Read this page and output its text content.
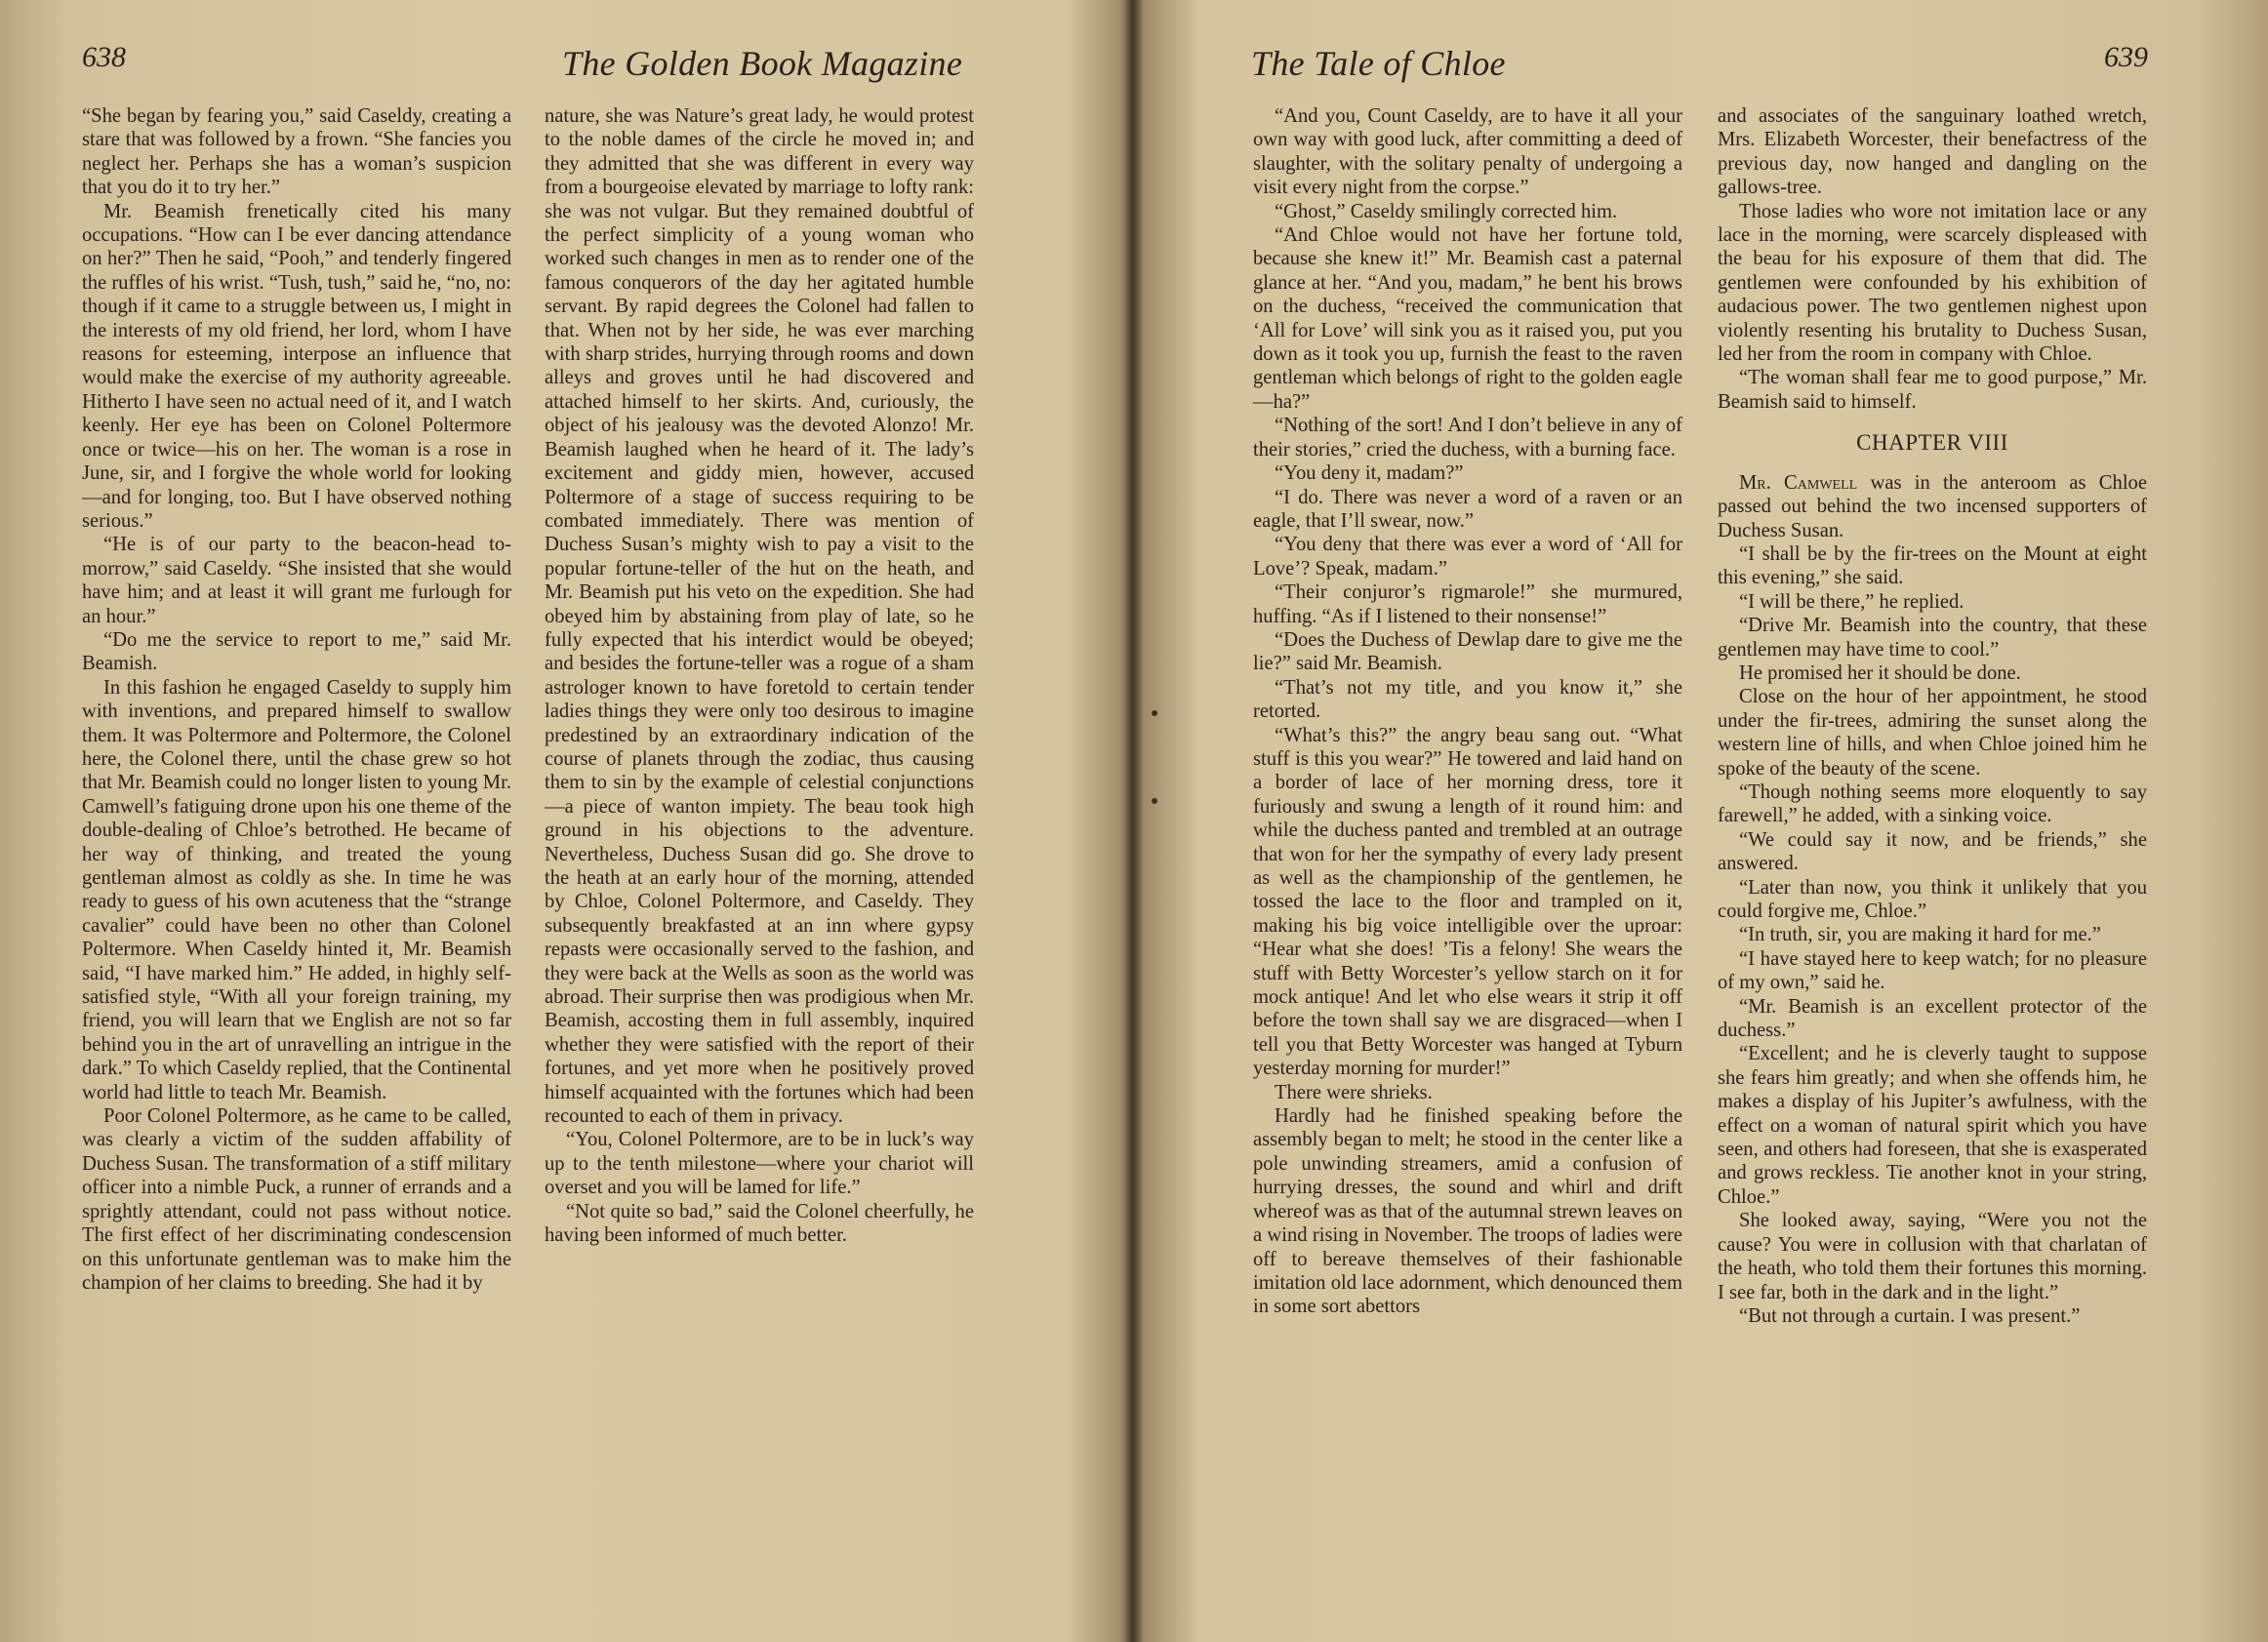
638	The Golden Book Magazine

“She began by fearing you,” said Caseldy, creating a stare that was followed by a frown. “She fancies you neglect her. Perhaps she has a woman’s suspicion that you do it to try her.”

Mr. Beamish frenetically cited his many occupations. “How can I be ever dancing attendance on her?” Then he said, “Pooh,” and tenderly fingered the ruffles of his wrist. “Tush, tush,” said he, “no, no: though if it came to a struggle between us, I might in the interests of my old friend, her lord, whom I have reasons for esteeming, interpose an influence that would make the exercise of my authority agreeable. Hitherto I have seen no actual need of it, and I watch keenly. Her eye has been on Colonel Poltermore once or twice—his on her. The woman is a rose in June, sir, and I forgive the whole world for looking—and for longing, too. But I have observed nothing serious.”

“He is of our party to the beacon-head to-morrow,” said Caseldy. “She insisted that she would have him; and at least it will grant me furlough for an hour.”

“Do me the service to report to me,” said Mr. Beamish.

In this fashion he engaged Caseldy to supply him with inventions, and prepared himself to swallow them. It was Poltermore and Poltermore, the Colonel here, the Colonel there, until the chase grew so hot that Mr. Beamish could no longer listen to young Mr. Camwell’s fatiguing drone upon his one theme of the double-dealing of Chloe’s betrothed. He became of her way of thinking, and treated the young gentleman almost as coldly as she. In time he was ready to guess of his own acuteness that the “strange cavalier” could have been no other than Colonel Poltermore. When Caseldy hinted it, Mr. Beamish said, “I have marked him.” He added, in highly self-satisfied style, “With all your foreign training, my friend, you will learn that we English are not so far behind you in the art of unravelling an intrigue in the dark.” To which Caseldy replied, that the Continental world had little to teach Mr. Beamish.

Poor Colonel Poltermore, as he came to be called, was clearly a victim of the sudden affability of Duchess Susan. The transformation of a stiff military officer into a nimble Puck, a runner of errands and a sprightly attendant, could not pass without notice. The first effect of her discriminating condescension on this unfortunate gentleman was to make him the champion of her claims to breeding. She had it by

nature, she was Nature’s great lady, he would protest to the noble dames of the circle he moved in; and they admitted that she was different in every way from a bourgeoise elevated by marriage to lofty rank: she was not vulgar. But they remained doubtful of the perfect simplicity of a young woman who worked such changes in men as to render one of the famous conquerors of the day her agitated humble servant. By rapid degrees the Colonel had fallen to that. When not by her side, he was ever marching with sharp strides, hurrying through rooms and down alleys and groves until he had discovered and attached himself to her skirts. And, curiously, the object of his jealousy was the devoted Alonzo! Mr. Beamish laughed when he heard of it. The lady’s excitement and giddy mien, however, accused Poltermore of a stage of success requiring to be combated immediately. There was mention of Duchess Susan’s mighty wish to pay a visit to the popular fortune-teller of the hut on the heath, and Mr. Beamish put his veto on the expedition. She had obeyed him by abstaining from play of late, so he fully expected that his interdict would be obeyed; and besides the fortune-teller was a rogue of a sham astrologer known to have foretold to certain tender ladies things they were only too desirous to imagine predestined by an extraordinary indication of the course of planets through the zodiac, thus causing them to sin by the example of celestial conjunctions—a piece of wanton impiety. The beau took high ground in his objections to the adventure. Nevertheless, Duchess Susan did go. She drove to the heath at an early hour of the morning, attended by Chloe, Colonel Poltermore, and Caseldy. They subsequently breakfasted at an inn where gypsy repasts were occasionally served to the fashion, and they were back at the Wells as soon as the world was abroad. Their surprise then was prodigious when Mr. Beamish, accosting them in full assembly, inquired whether they were satisfied with the report of their fortunes, and yet more when he positively proved himself acquainted with the fortunes which had been recounted to each of them in privacy.

“You, Colonel Poltermore, are to be in luck’s way up to the tenth milestone—where your chariot will overset and you will be lamed for life.”

“Not quite so bad,” said the Colonel cheerfully, he having been informed of much better.

The Tale of Chloe	639

“And you, Count Caseldy, are to have it all your own way with good luck, after committing a deed of slaughter, with the solitary penalty of undergoing a visit every night from the corpse.”

“Ghost,” Caseldy smilingly corrected him.

“And Chloe would not have her fortune told, because she knew it!” Mr. Beamish cast a paternal glance at her. “And you, madam,” he bent his brows on the duchess, “received the communication that ‘All for Love’ will sink you as it raised you, put you down as it took you up, furnish the feast to the raven gentleman which belongs of right to the golden eagle—ha?”

“Nothing of the sort! And I don’t believe in any of their stories,” cried the duchess, with a burning face.

“You deny it, madam?”

“I do. There was never a word of a raven or an eagle, that I’ll swear, now.”

“You deny that there was ever a word of ‘All for Love’? Speak, madam.”

“Their conjuror’s rigmarole!” she murmured, huffing. “As if I listened to their nonsense!”

“Does the Duchess of Dewlap dare to give me the lie?” said Mr. Beamish.

“That’s not my title, and you know it,” she retorted.

“What’s this?” the angry beau sang out. “What stuff is this you wear?” He towered and laid hand on a border of lace of her morning dress, tore it furiously and swung a length of it round him: and while the duchess panted and trembled at an outrage that won for her the sympathy of every lady present as well as the championship of the gentlemen, he tossed the lace to the floor and trampled on it, making his big voice intelligible over the uproar: “Hear what she does! ’Tis a felony! She wears the stuff with Betty Worcester’s yellow starch on it for mock antique! And let who else wears it strip it off before the town shall say we are disgraced—when I tell you that Betty Worcester was hanged at Tyburn yesterday morning for murder!”

There were shrieks.

Hardly had he finished speaking before the assembly began to melt; he stood in the center like a pole unwinding streamers, amid a confusion of hurrying dresses, the sound and whirl and drift whereof was as that of the autumnal strewn leaves on a wind rising in November. The troops of ladies were off to bereave themselves of their fashionable imitation old lace adornment, which denounced them in some sort abettors

and associates of the sanguinary loathed wretch, Mrs. Elizabeth Worcester, their benefactress of the previous day, now hanged and dangling on the gallows-tree.

Those ladies who wore not imitation lace or any lace in the morning, were scarcely displeased with the beau for his exposure of them that did. The gentlemen were confounded by his exhibition of audacious power. The two gentlemen nighest upon violently resenting his brutality to Duchess Susan, led her from the room in company with Chloe.

“The woman shall fear me to good purpose,” Mr. Beamish said to himself.

CHAPTER VIII

Mr. Camwell was in the anteroom as Chloe passed out behind the two incensed supporters of Duchess Susan.

“I shall be by the fir-trees on the Mount at eight this evening,” she said.

“I will be there,” he replied.

“Drive Mr. Beamish into the country, that these gentlemen may have time to cool.”

He promised her it should be done.

Close on the hour of her appointment, he stood under the fir-trees, admiring the sunset along the western line of hills, and when Chloe joined him he spoke of the beauty of the scene.

“Though nothing seems more eloquently to say farewell,” he added, with a sinking voice.

“We could say it now, and be friends,” she answered.

“Later than now, you think it unlikely that you could forgive me, Chloe.”

“In truth, sir, you are making it hard for me.”

“I have stayed here to keep watch; for no pleasure of my own,” said he.

“Mr. Beamish is an excellent protector of the duchess.”

“Excellent; and he is cleverly taught to suppose she fears him greatly; and when she offends him, he makes a display of his Jupiter’s awfulness, with the effect on a woman of natural spirit which you have seen, and others had foreseen, that she is exasperated and grows reckless. Tie another knot in your string, Chloe.”

She looked away, saying, “Were you not the cause? You were in collusion with that charlatan of the heath, who told them their fortunes this morning. I see far, both in the dark and in the light.”

“But not through a curtain. I was present.”
